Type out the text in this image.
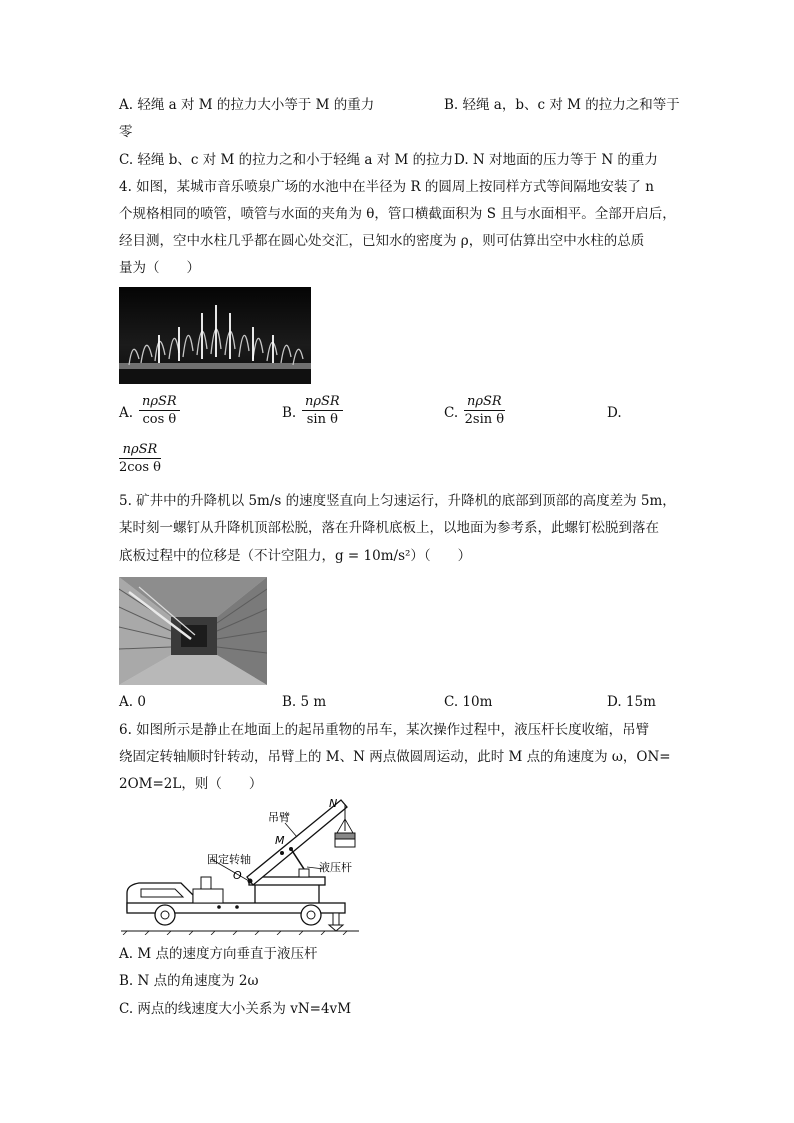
A. 轻绳 a 对 M 的拉力大小等于 M 的重力	B. 轻绳 a，b、c 对 M 的拉力之和等于
零
C. 轻绳 b、c 对 M 的拉力之和小于轻绳 a 对 M 的拉力 D. N 对地面的压力等于 N 的重力
4. 如图，某城市音乐喷泉广场的水池中在半径为 R 的圆周上按同样方式等间隔地安装了 n
个规格相同的喷管，喷管与水面的夹角为 θ，管口横截面积为 S 且与水面相平。全部开启后，
经目测，空中水柱几乎都在圆心处交汇，已知水的密度为 ρ，则可估算出空中水柱的总质
量为（　　）
A.
nρSR
cos θ	B.
nρSR
sin θ	C.
nρSR
2sin θ	D.
nρSR
2cos θ
5. 矿井中的升降机以 5m/s 的速度竖直向上匀速运行，升降机的底部到顶部的高度差为 5m，
某时刻一螺钉从升降机顶部松脱，落在升降机底板上，以地面为参考系，此螺钉松脱到落在
底板过程中的位移是（不计空阻力，g = 10m/s²）（　　）
A. 0	B. 5 m	C. 10m	D. 15m
6. 如图所示是静止在地面上的起吊重物的吊车，某次操作过程中，液压杆长度收缩，吊臂
绕固定转轴顺时针转动，吊臂上的 M、N 两点做圆周运动，此时 M 点的角速度为 ω，ON=
2OM=2L，则（　　）
吊臂
N
M
固定转轴
O
液压杆
A. M 点的速度方向垂直于液压杆
B. N 点的角速度为 2ω
C. 两点的线速度大小关系为 vN=4vM
